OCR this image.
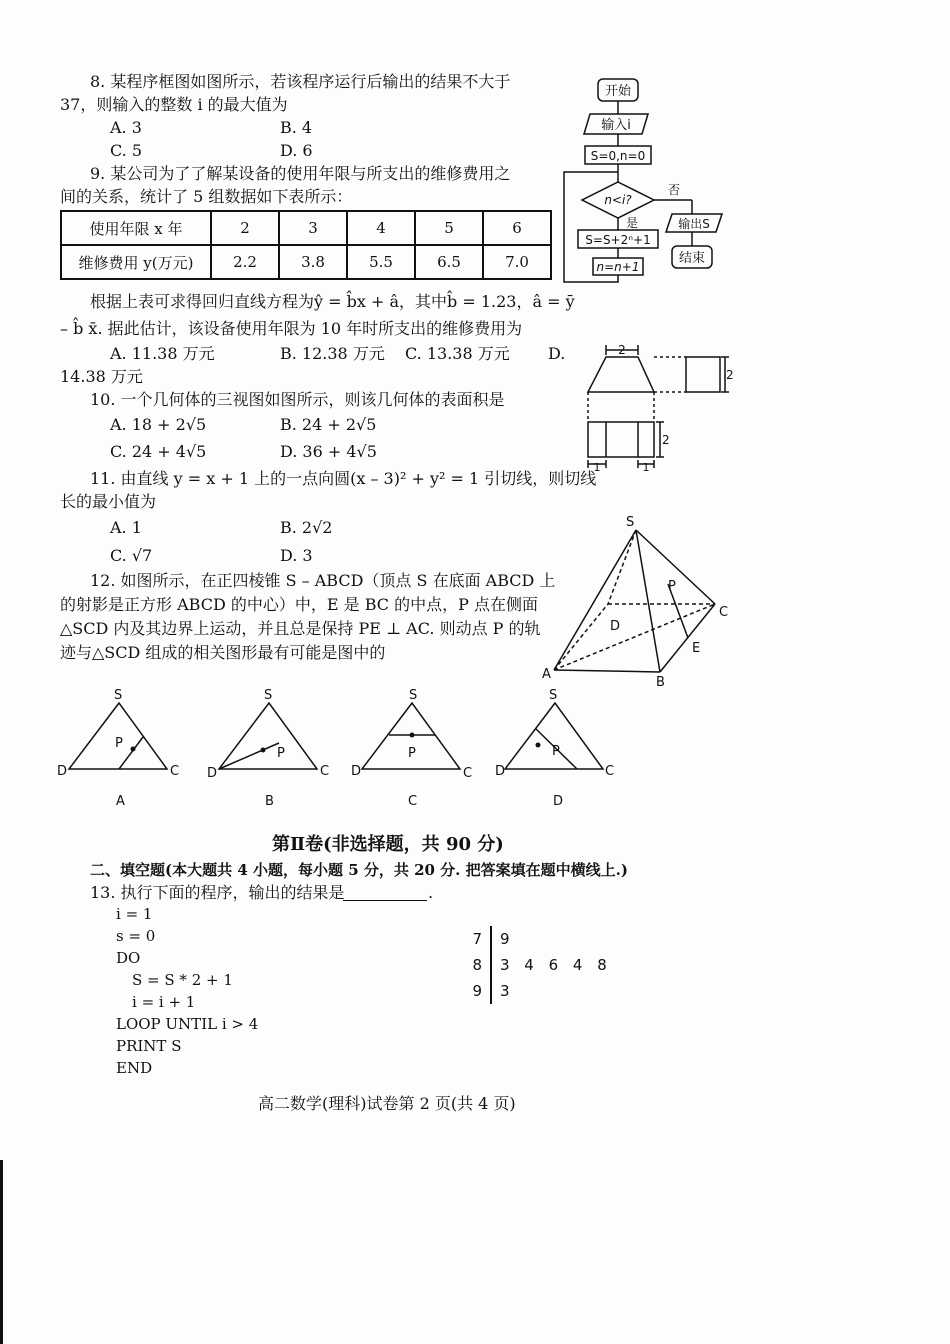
8. 某程序框图如图所示，若该程序运行后输出的结果不大于
37，则输入的整数 i 的最大值为
A. 3	B. 4
C. 5	D. 6
开始
输入i
S=0,n=0
n<i?
是
否
S=S+2ⁿ+1
n=n+1
输出S
结束
9. 某公司为了了解某设备的使用年限与所支出的维修费用之
间的关系，统计了 5 组数据如下表所示：
使用年限 x 年	2	3	4	5	6
维修费用 y(万元)	2.2	3.8	5.5	6.5	7.0
根据上表可求得回归直线方程为ŷ = b̂x + â，其中b̂ = 1.23，â = ȳ
– b̂ x̄. 据此估计，该设备使用年限为 10 年时所支出的维修费用为
A. 11.38 万元	B. 12.38 万元 C. 13.38 万元 D.
14.38 万元
2
2
2
1	1
10. 一个几何体的三视图如图所示，则该几何体的表面积是
A. 18 + 2√5	B. 24 + 2√5
C. 24 + 4√5	D. 36 + 4√5
11. 由直线 y = x + 1 上的一点向圆(x – 3)² + y² = 1 引切线，则切线
长的最小值为
A. 1	B. 2√2
C. √7	D. 3
S
A
B
C
D
E
P
12. 如图所示，在正四棱锥 S – ABCD（顶点 S 在底面 ABCD 上
的射影是正方形 ABCD 的中心）中，E 是 BC 的中点，P 点在侧面
△SCD 内及其边界上运动，并且总是保持 PE ⊥ AC. 则动点 P 的轨
迹与△SCD 组成的相关图形最有可能是图中的
S
D	C
P
A
S
D	C
P
B
S
D	C
P
C
S
D	C
P
D
第Ⅱ卷(非选择题，共 90 分)
二、填空题(本大题共 4 小题，每小题 5 分，共 20 分. 把答案填在题中横线上.)
13. 执行下面的程序，输出的结果是	.
i = 1
s = 0
DO
S = S * 2 + 1
i = i + 1
LOOP UNTIL i > 4
PRINT S
END
7	9
8	3 4 6 4 8
9	3
高二数学(理科)试卷第 2 页(共 4 页)
